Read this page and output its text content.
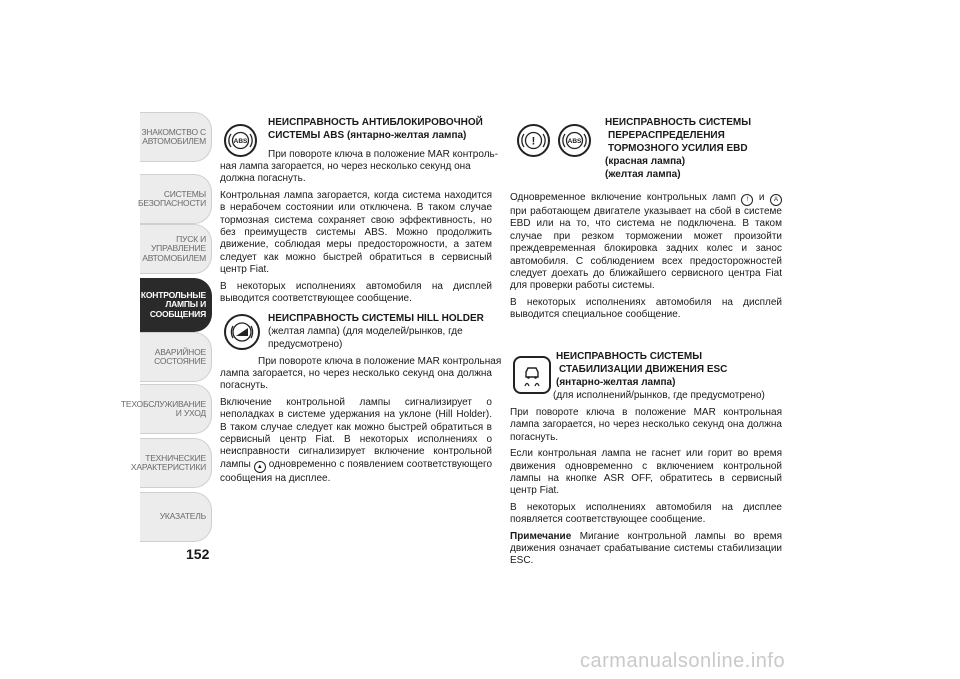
ЗНАКОМСТВО С
АВТОМОБИЛЕМ
СИСТЕМЫ
БЕЗОПАСНОСТИ
ПУСК И УПРАВЛЕНИЕ
АВТОМОБИЛЕМ
КОНТРОЛЬНЫЕ
ЛАМПЫ И
СООБЩЕНИЯ
АВАРИЙНОЕ
СОСТОЯНИЕ
ТЕХОБСЛУЖИВАНИЕ
И УХОД
ТЕХНИЧЕСКИЕ
ХАРАКТЕРИСТИКИ
УКАЗАТЕЛЬ
152
ABS
НЕИСПРАВНОСТЬ АНТИБЛОКИРОВОЧНОЙ
СИСТЕМЫ ABS (янтарно-желтая лампа)
При повороте ключа в положение MAR контроль-

ная лампа загорается, но через несколько секунд она
должна погаснуть.

Контрольная лампа загорается, когда система находится в нерабочем состоянии или отключена. В таком случае тормозная система сохраняет свою эффективность, но без преимуществ системы ABS. Можно продолжить движение, соблюдая меры предосторожности, а затем следует как можно быстрей обратиться в сервисный центр Fiat.

В некоторых исполнениях автомобиля на дисплей выводится соответствующее сообщение.

НЕИСПРАВНОСТЬ СИСТЕМЫ HILL HOLDER
(желтая лампа) (для моделей/рынков, где
предусмотрено)
При повороте ключа в положение MAR контрольная

лампа загорается, но через несколько секунд она должна погаснуть.

Включение контрольной лампы сигнализирует о неполадках в системе удержания на уклоне (Hill Holder). В таком случае следует как можно быстрей обратиться в сервисный центр Fiat. В некоторых исполнениях о неисправности сигнализирует включение контрольной лампы ▲ одновременно с появлением соответствующего сообщения на дисплее.

!	ABS
НЕИСПРАВНОСТЬ СИСТЕМЫ
ПЕРЕРАСПРЕДЕЛЕНИЯ
ТОРМОЗНОГО УСИЛИЯ EBD
(красная лампа)
(желтая лампа)

Одновременное включение контрольных ламп ! и A при работающем двигателе указывает на сбой в системе EBD или на то, что система не подключена. В таком случае при резком торможении может произойти преждевременная блокировка задних колес и занос автомобиля. С соблюдением всех предосторожностей следует доехать до ближайшего сервисного центра Fiat для проверки работы системы.

В некоторых исполнениях автомобиля на дисплей выводится специальное сообщение.

НЕИСПРАВНОСТЬ СИСТЕМЫ
СТАБИЛИЗАЦИИ ДВИЖЕНИЯ ESC
(янтарно-желтая лампа)
(для исполнений/рынков, где предусмотрено)

При повороте ключа в положение MAR контрольная лампа загорается, но через несколько секунд она должна погаснуть.

Если контрольная лампа не гаснет или горит во время движения одновременно с включением контрольной лампы на кнопке ASR OFF, обратитесь в сервисный центр Fiat.

В некоторых исполнениях автомобиля на дисплее появляется соответствующее сообщение.

Примечание Мигание контрольной лампы во время движения означает срабатывание системы стабилизации ESC.

carmanualsonline.info
